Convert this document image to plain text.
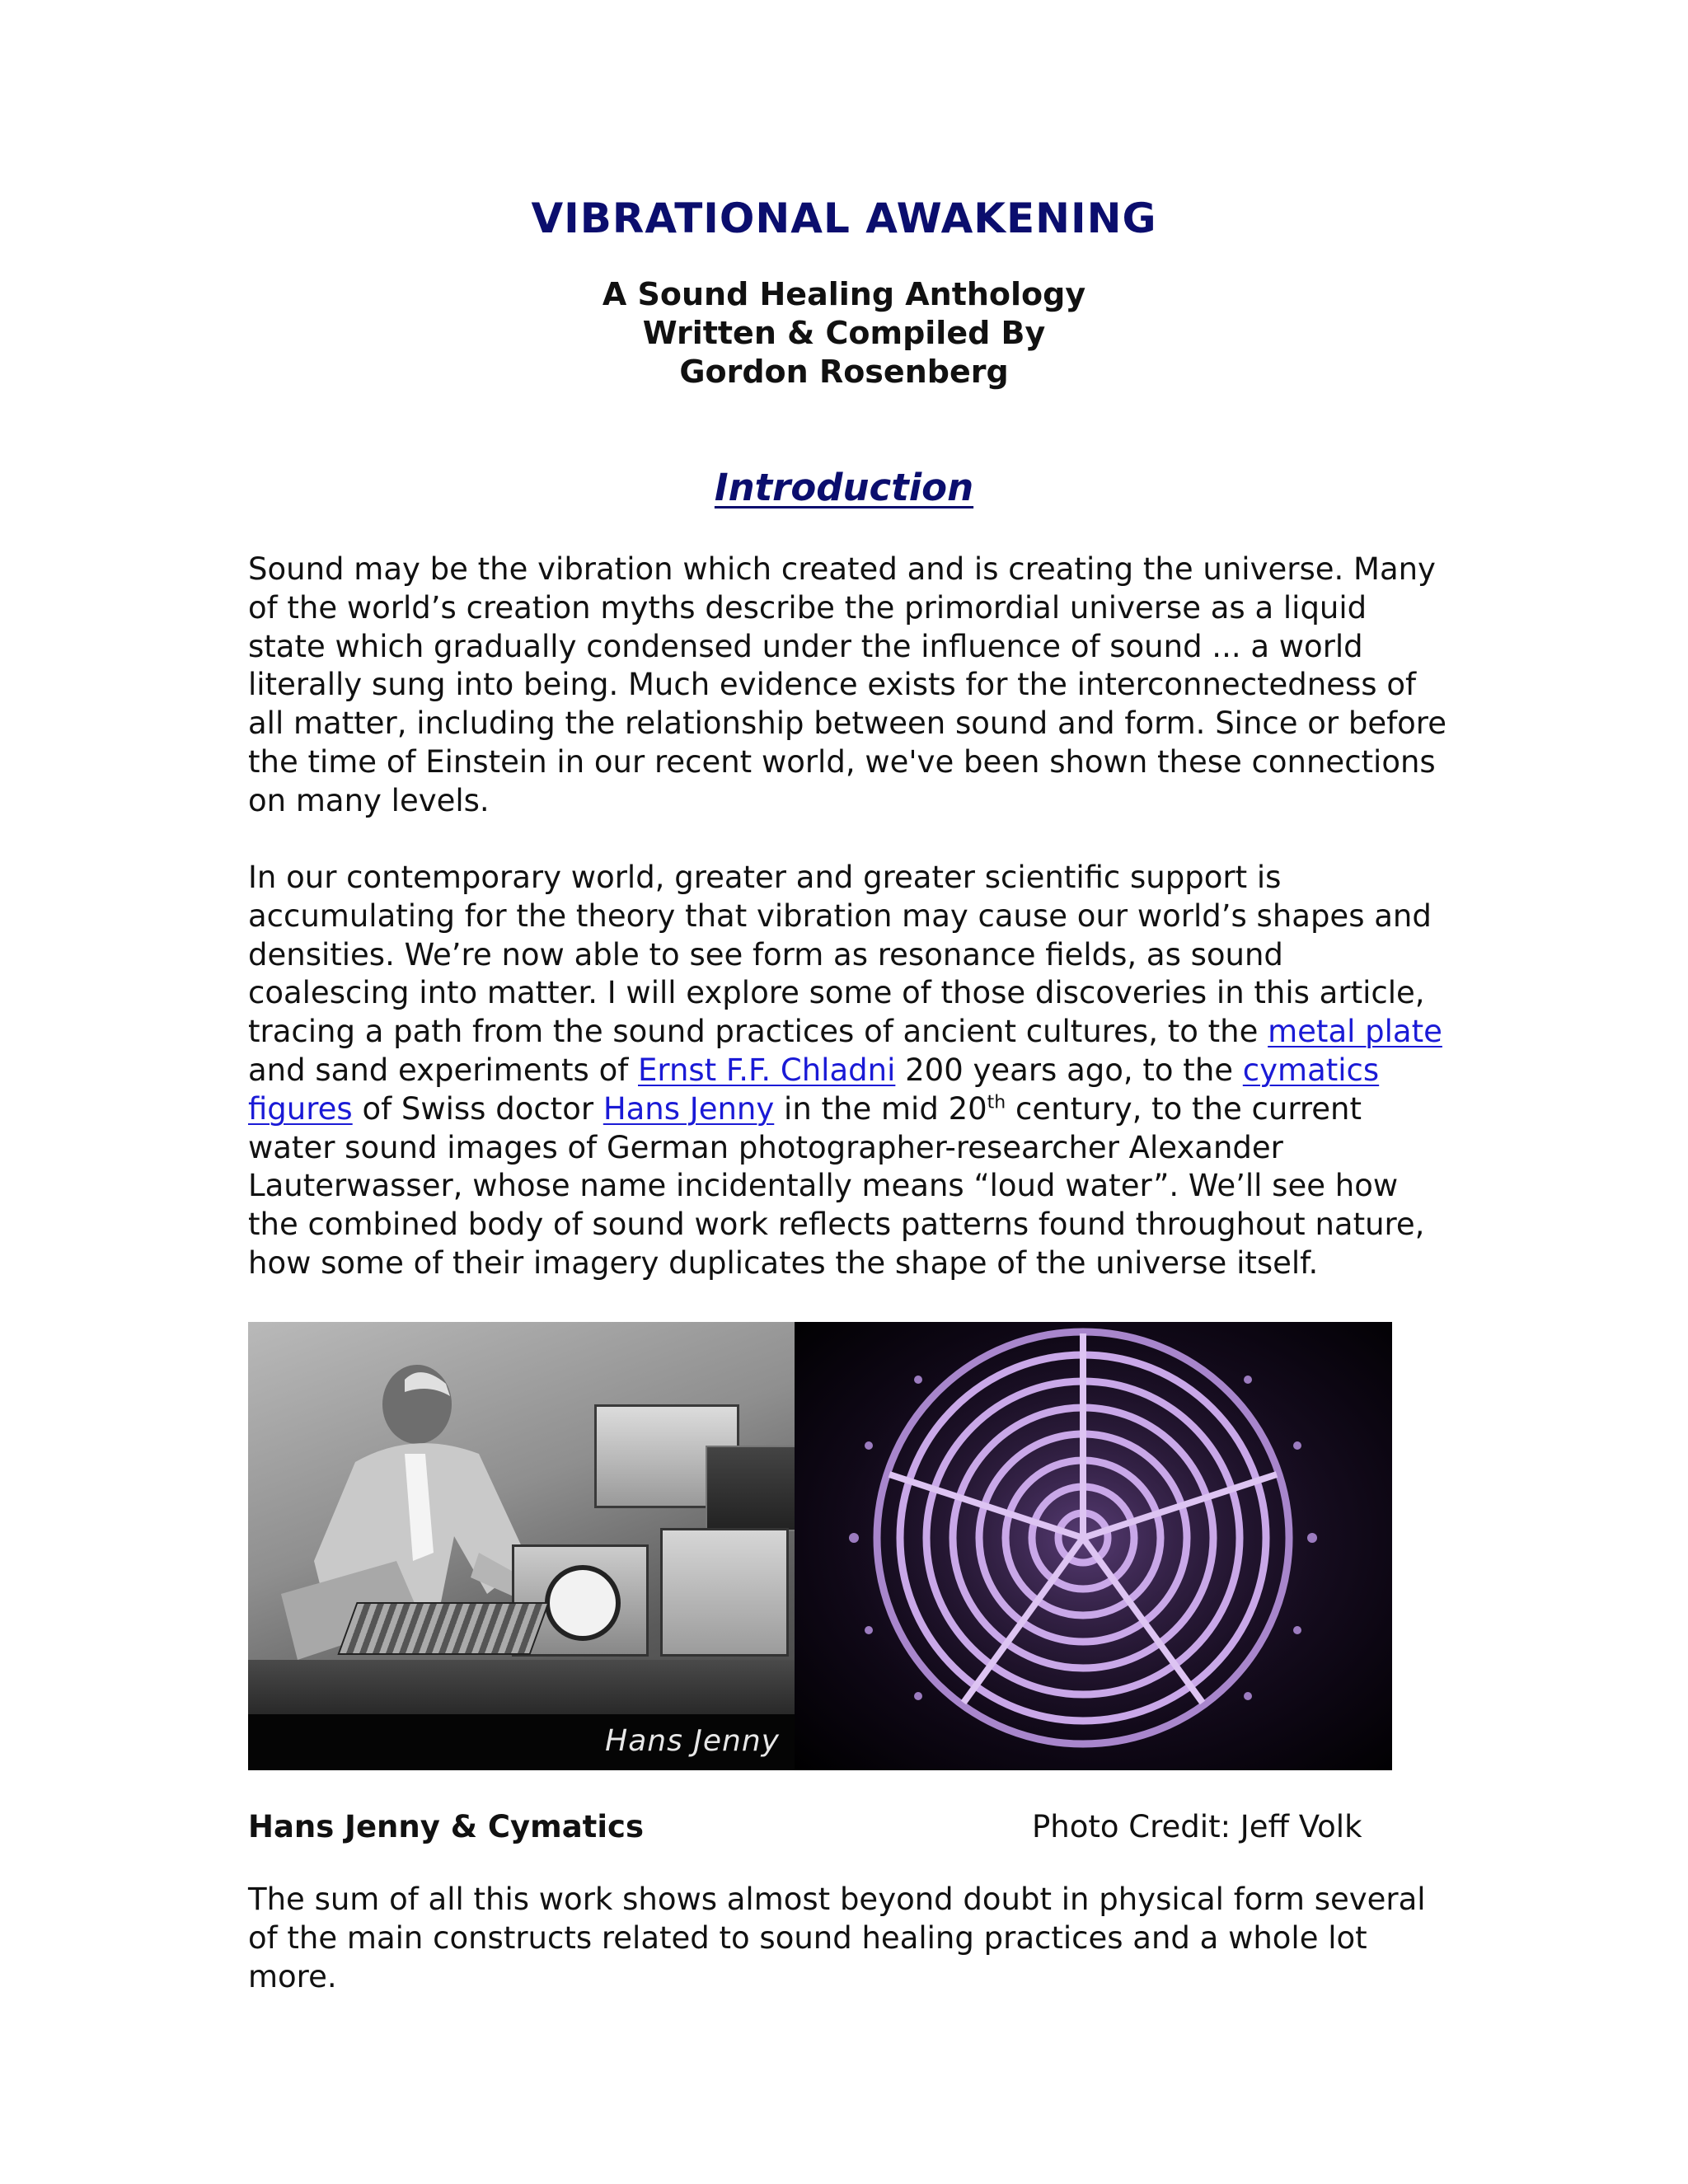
VIBRATIONAL AWAKENING
A Sound Healing Anthology
Written & Compiled By
Gordon Rosenberg
Introduction

Sound may be the vibration which created and is creating the universe. Many of the world’s creation myths describe the primordial universe as a liquid state which gradually condensed under the influence of sound ... a world literally sung into being. Much evidence exists for the interconnectedness of all matter, including the relationship between sound and form. Since or before the time of Einstein in our recent world, we've been shown these connections on many levels.

In our contemporary world, greater and greater scientific support is accumulating for the theory that vibration may cause our world’s shapes and densities. We’re now able to see form as resonance fields, as sound coalescing into matter. I will explore some of those discoveries in this article, tracing a path from the sound practices of ancient cultures, to the metal plate and sand experiments of Ernst F.F. Chladni 200 years ago, to the cymatics figures of Swiss doctor Hans Jenny in the mid 20th century, to the current water sound images of German photographer-researcher Alexander Lauterwasser, whose name incidentally means “loud water”. We’ll see how the combined body of sound work reflects patterns found throughout nature, how some of their imagery duplicates the shape of the universe itself.

Hans Jenny
Hans Jenny & Cymatics	Photo Credit: Jeff Volk

The sum of all this work shows almost beyond doubt in physical form several of the main constructs related to sound healing practices and a whole lot more.
